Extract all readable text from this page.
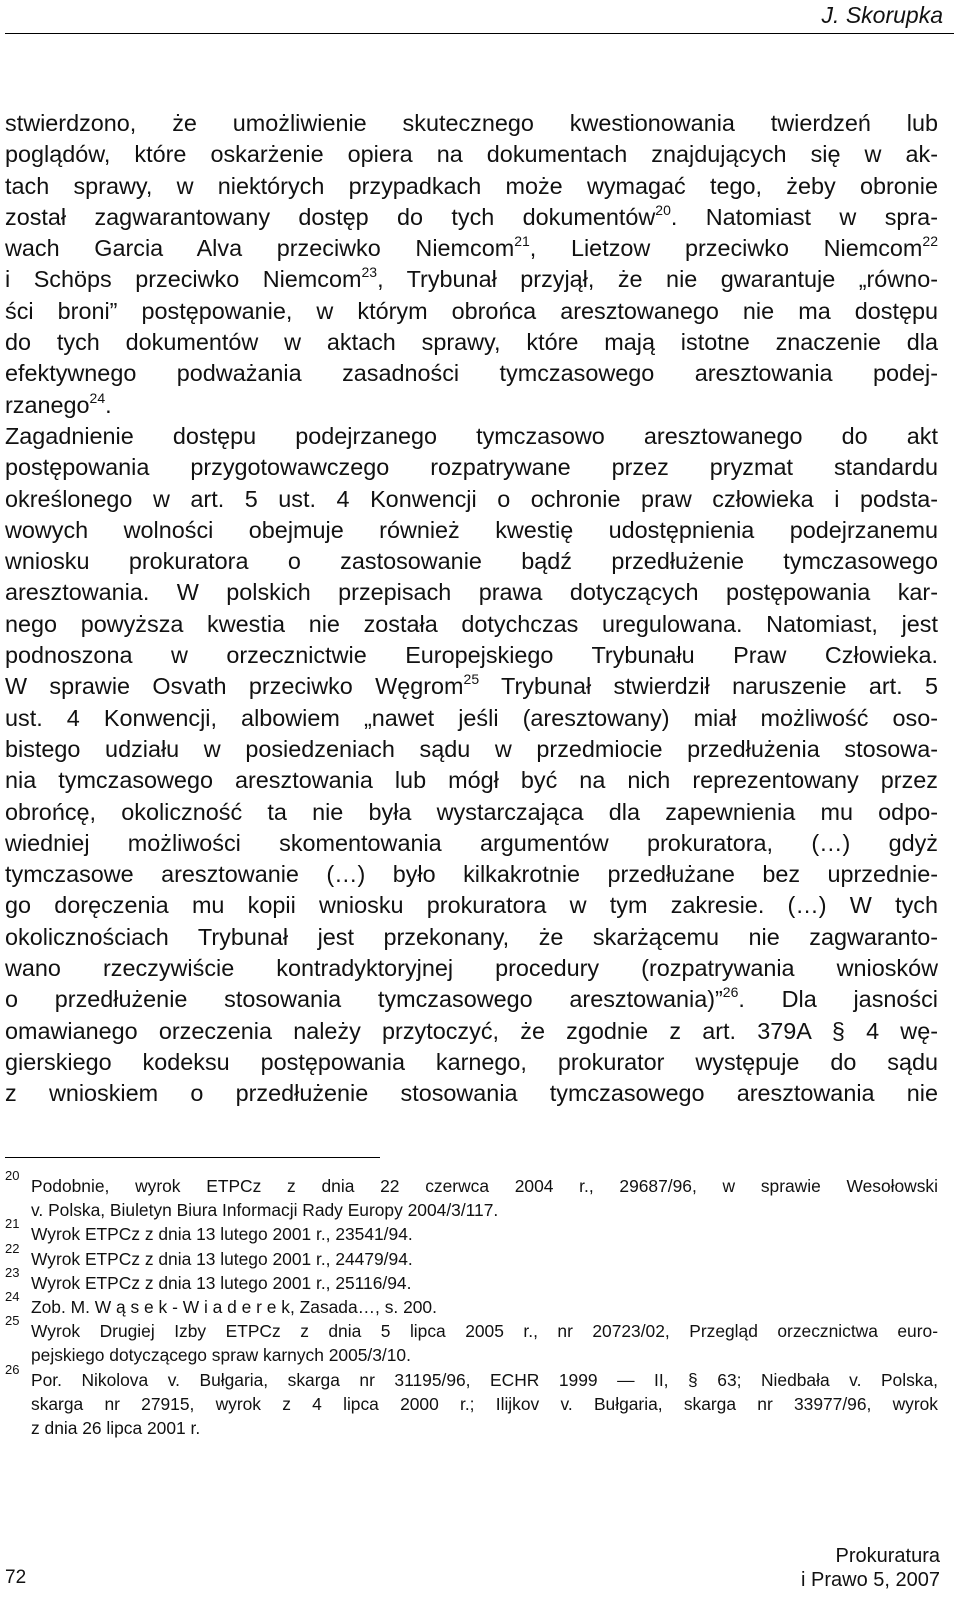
J. Skorupka
stwierdzono, że umożliwienie skutecznego kwestionowania twierdzeń lub
poglądów, które oskarżenie opiera na dokumentach znajdujących się w ak-
tach sprawy, w niektórych przypadkach może wymagać tego, żeby obronie
został zagwarantowany dostęp do tych dokumentów$^{20}$. Natomiast w spra-
wach Garcia Alva przeciwko Niemcom$^{21}$, Lietzow przeciwko Niemcom$^{22}$
i Schöps przeciwko Niemcom$^{23}$, Trybunał przyjął, że nie gwarantuje „równo-
ści broni” postępowanie, w którym obrońca aresztowanego nie ma dostępu
do tych dokumentów w aktach sprawy, które mają istotne znaczenie dla
efektywnego podważania zasadności tymczasowego aresztowania podej-
rzanego$^{24}$.
Zagadnienie dostępu podejrzanego tymczasowo aresztowanego do akt
postępowania przygotowawczego rozpatrywane przez pryzmat standardu
określonego w art. 5 ust. 4 Konwencji o ochronie praw człowieka i podsta-
wowych wolności obejmuje również kwestię udostępnienia podejrzanemu
wniosku prokuratora o zastosowanie bądź przedłużenie tymczasowego
aresztowania. W polskich przepisach prawa dotyczących postępowania kar-
nego powyższa kwestia nie została dotychczas uregulowana. Natomiast, jest
podnoszona w orzecznictwie Europejskiego Trybunału Praw Człowieka.
W sprawie Osvath przeciwko Węgrom$^{25}$ Trybunał stwierdził naruszenie art. 5
ust. 4 Konwencji, albowiem „nawet jeśli (aresztowany) miał możliwość oso-
bistego udziału w posiedzeniach sądu w przedmiocie przedłużenia stosowa-
nia tymczasowego aresztowania lub mógł być na nich reprezentowany przez
obrońcę, okoliczność ta nie była wystarczająca dla zapewnienia mu odpo-
wiedniej możliwości skomentowania argumentów prokuratora, (…) gdyż
tymczasowe aresztowanie (…) było kilkakrotnie przedłużane bez uprzednie-
go doręczenia mu kopii wniosku prokuratora w tym zakresie. (…) W tych
okolicznościach Trybunał jest przekonany, że skarżącemu nie zagwaranto-
wano rzeczywiście kontradyktoryjnej procedury (rozpatrywania wniosków
o przedłużenie stosowania tymczasowego aresztowania)”$^{26}$. Dla jasności
omawianego orzeczenia należy przytoczyć, że zgodnie z art. 379A § 4 wę-
gierskiego kodeksu postępowania karnego, prokurator występuje do sądu
z wnioskiem o przedłużenie stosowania tymczasowego aresztowania nie
20
Podobnie, wyrok ETPCz z dnia 22 czerwca 2004 r., 29687/96, w sprawie Wesołowski
v. Polska, Biuletyn Biura Informacji Rady Europy 2004/3/117.
21
Wyrok ETPCz z dnia 13 lutego 2001 r., 23541/94.
22
Wyrok ETPCz z dnia 13 lutego 2001 r., 24479/94.
23
Wyrok ETPCz z dnia 13 lutego 2001 r., 25116/94.
24
Zob. M. W ą s e k - W i a d e r e k, Zasada…, s. 200.
25
Wyrok Drugiej Izby ETPCz z dnia 5 lipca 2005 r., nr 20723/02, Przegląd orzecznictwa euro-
pejskiego dotyczącego spraw karnych 2005/3/10.
26
Por. Nikolova v. Bułgaria, skarga nr 31195/96, ECHR 1999 — II, § 63; Niedbała v. Polska,
skarga nr 27915, wyrok z 4 lipca 2000 r.; Ilijkov v. Bułgaria, skarga nr 33977/96, wyrok
z dnia 26 lipca 2001 r.
72
Prokuratura
i Prawo 5, 2007
